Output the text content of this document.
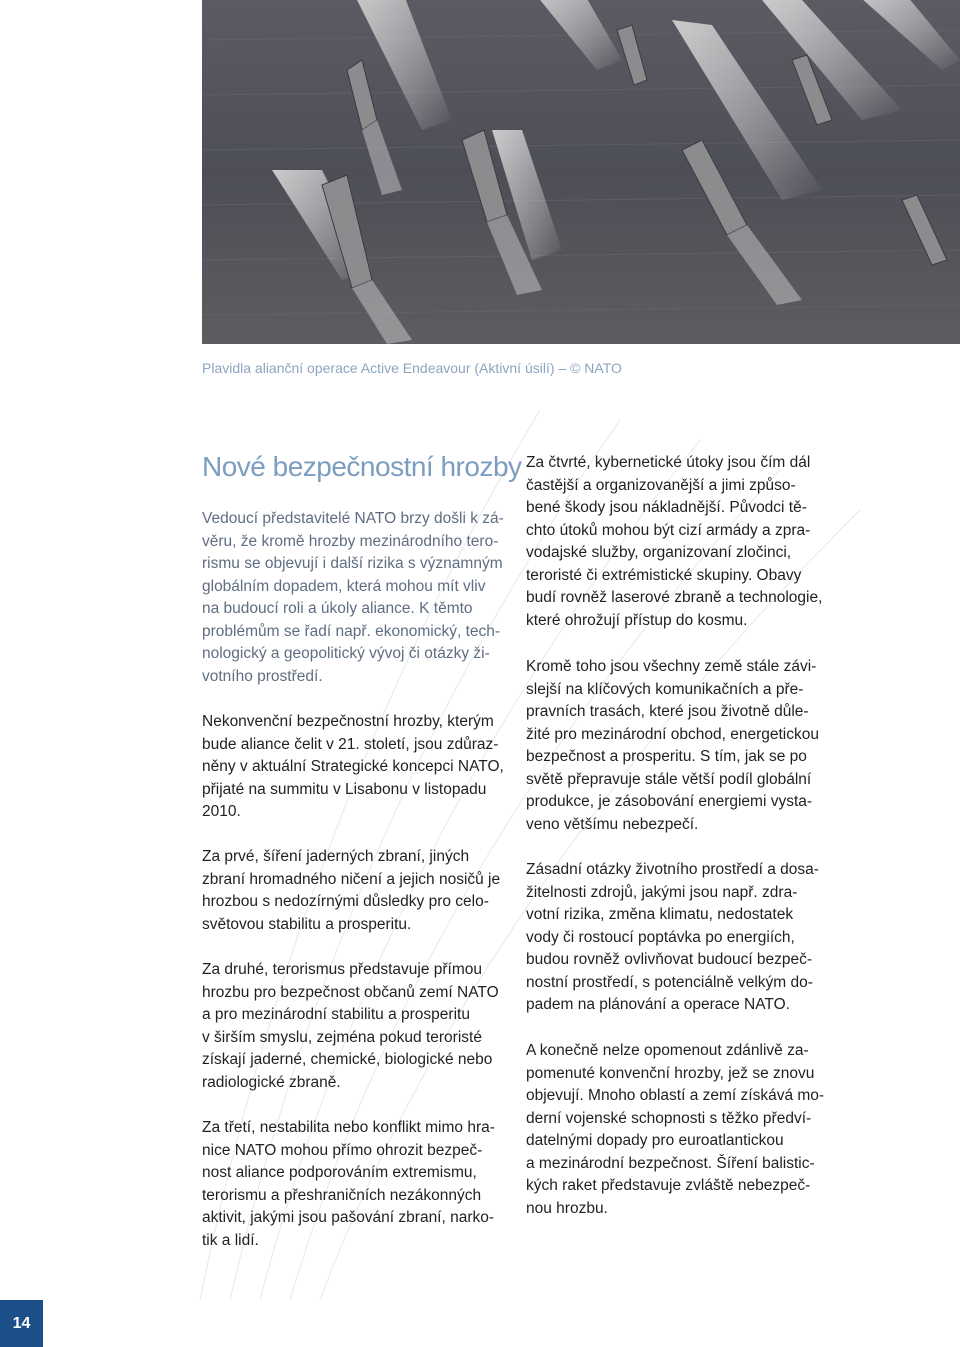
Plavidla alianční operace Active Endeavour (Aktivní úsilí) – © NATO
Nové bezpečnostní hrozby

Vedoucí představitelé NATO brzy došli k zá-
věru, že kromě hrozby mezinárodního tero-
rismu se objevují i další rizika s významným
globálním dopadem, která mohou mít vliv
na budoucí roli a úkoly aliance. K těmto
problémům se řadí např. ekonomický, tech-
nologický a geopolitický vývoj či otázky ži-
votního prostředí.

Nekonvenční bezpečnostní hrozby, kterým
bude aliance čelit v 21. století, jsou zdůraz-
něny v aktuální Strategické koncepci NATO,
přijaté na summitu v Lisabonu v listopadu
2010.

Za prvé, šíření jaderných zbraní, jiných
zbraní hromadného ničení a jejich nosičů je
hrozbou s nedozírnými důsledky pro celo-
světovou stabilitu a prosperitu.

Za druhé, terorismus představuje přímou
hrozbu pro bezpečnost občanů zemí NATO
a pro mezinárodní stabilitu a prosperitu
v širším smyslu, zejména pokud teroristé
získají jaderné, chemické, biologické nebo
radiologické zbraně.

Za třetí, nestabilita nebo konflikt mimo hra-
nice NATO mohou přímo ohrozit bezpeč-
nost aliance podporováním extremismu,
terorismu a přeshraničních nezákonných
aktivit, jakými jsou pašování zbraní, narko-
tik a lidí.

Za čtvrté, kybernetické útoky jsou čím dál
častější a organizovanější a jimi způso-
bené škody jsou nákladnější. Původci tě-
chto útoků mohou být cizí armády a zpra-
vodajské služby, organizovaní zločinci,
teroristé či extrémistické skupiny. Obavy
budí rovněž laserové zbraně a technologie,
které ohrožují přístup do kosmu.

Kromě toho jsou všechny země stále závi-
slejší na klíčových komunikačních a pře-
pravních trasách, které jsou životně důle-
žité pro mezinárodní obchod, energetickou
bezpečnost a prosperitu. S tím, jak se po
světě přepravuje stále větší podíl globální
produkce, je zásobování energiemi vysta-
veno většímu nebezpečí.

Zásadní otázky životního prostředí a dosa-
žitelnosti zdrojů, jakými jsou např. zdra-
votní rizika, změna klimatu, nedostatek
vody či rostoucí poptávka po energiích,
budou rovněž ovlivňovat budoucí bezpeč-
nostní prostředí, s potenciálně velkým do-
padem na plánování a operace NATO.

A konečně nelze opomenout zdánlivě za-
pomenuté konvenční hrozby, jež se znovu
objevují. Mnoho oblastí a zemí získává mo-
derní vojenské schopnosti s těžko předví-
datelnými dopady pro euroatlantickou
a mezinárodní bezpečnost. Šíření balistic-
kých raket představuje zvláště nebezpeč-
nou hrozbu.

14
